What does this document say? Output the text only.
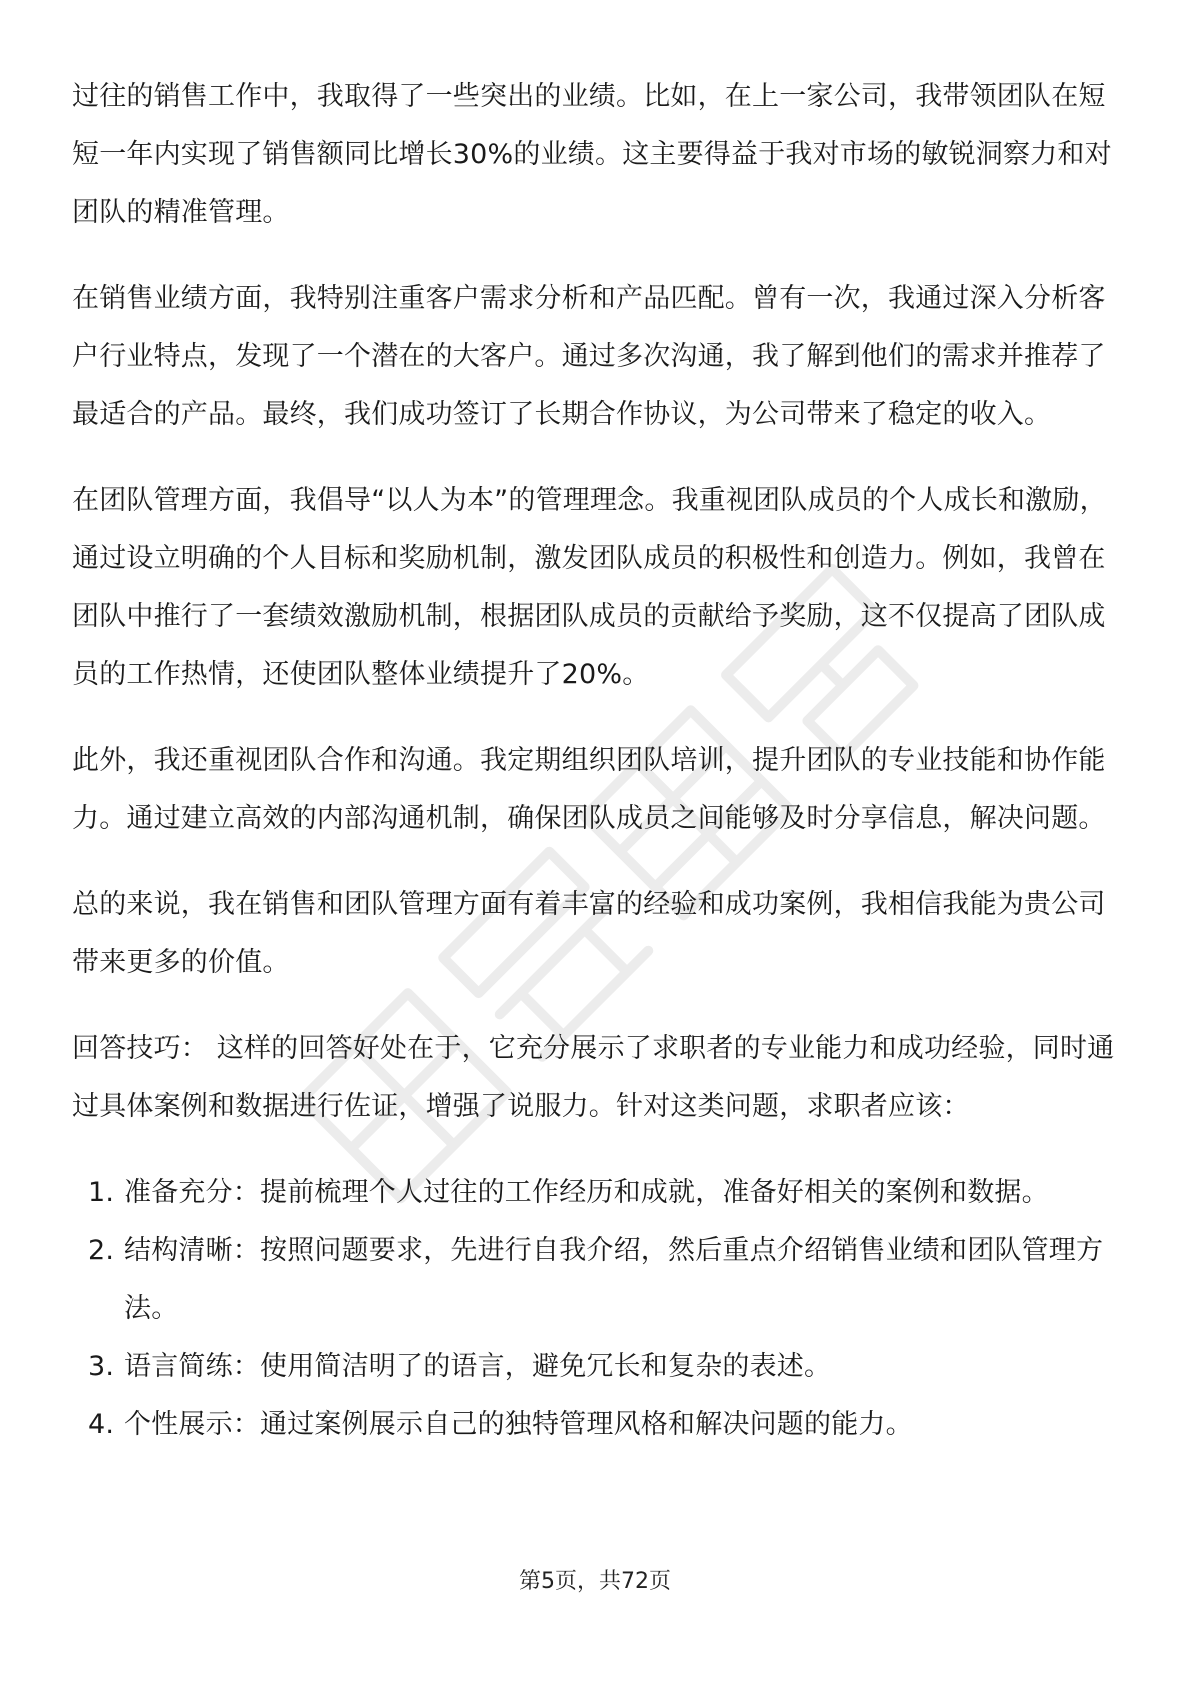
过往的销售工作中，我取得了一些突出的业绩。比如，在上一家公司，我带领团队在短短一年内实现了销售额同比增长30%的业绩。这主要得益于我对市场的敏锐洞察力和对团队的精准管理。

在销售业绩方面，我特别注重客户需求分析和产品匹配。曾有一次，我通过深入分析客户行业特点，发现了一个潜在的大客户。通过多次沟通，我了解到他们的需求并推荐了最适合的产品。最终，我们成功签订了长期合作协议，为公司带来了稳定的收入。

在团队管理方面，我倡导“以人为本”的管理理念。我重视团队成员的个人成长和激励，通过设立明确的个人目标和奖励机制，激发团队成员的积极性和创造力。例如，我曾在团队中推行了一套绩效激励机制，根据团队成员的贡献给予奖励，这不仅提高了团队成员的工作热情，还使团队整体业绩提升了20%。

此外，我还重视团队合作和沟通。我定期组织团队培训，提升团队的专业技能和协作能力。通过建立高效的内部沟通机制，确保团队成员之间能够及时分享信息，解决问题。

总的来说，我在销售和团队管理方面有着丰富的经验和成功案例，我相信我能为贵公司带来更多的价值。

回答技巧： 这样的回答好处在于，它充分展示了求职者的专业能力和成功经验，同时通过具体案例和数据进行佐证，增强了说服力。针对这类问题，求职者应该：

1. 准备充分：提前梳理个人过往的工作经历和成就，准备好相关的案例和数据。
2. 结构清晰：按照问题要求，先进行自我介绍，然后重点介绍销售业绩和团队管理方法。
3. 语言简练：使用简洁明了的语言，避免冗长和复杂的表述。
4. 个性展示：通过案例展示自己的独特管理风格和解决问题的能力。
第5页，共72页
